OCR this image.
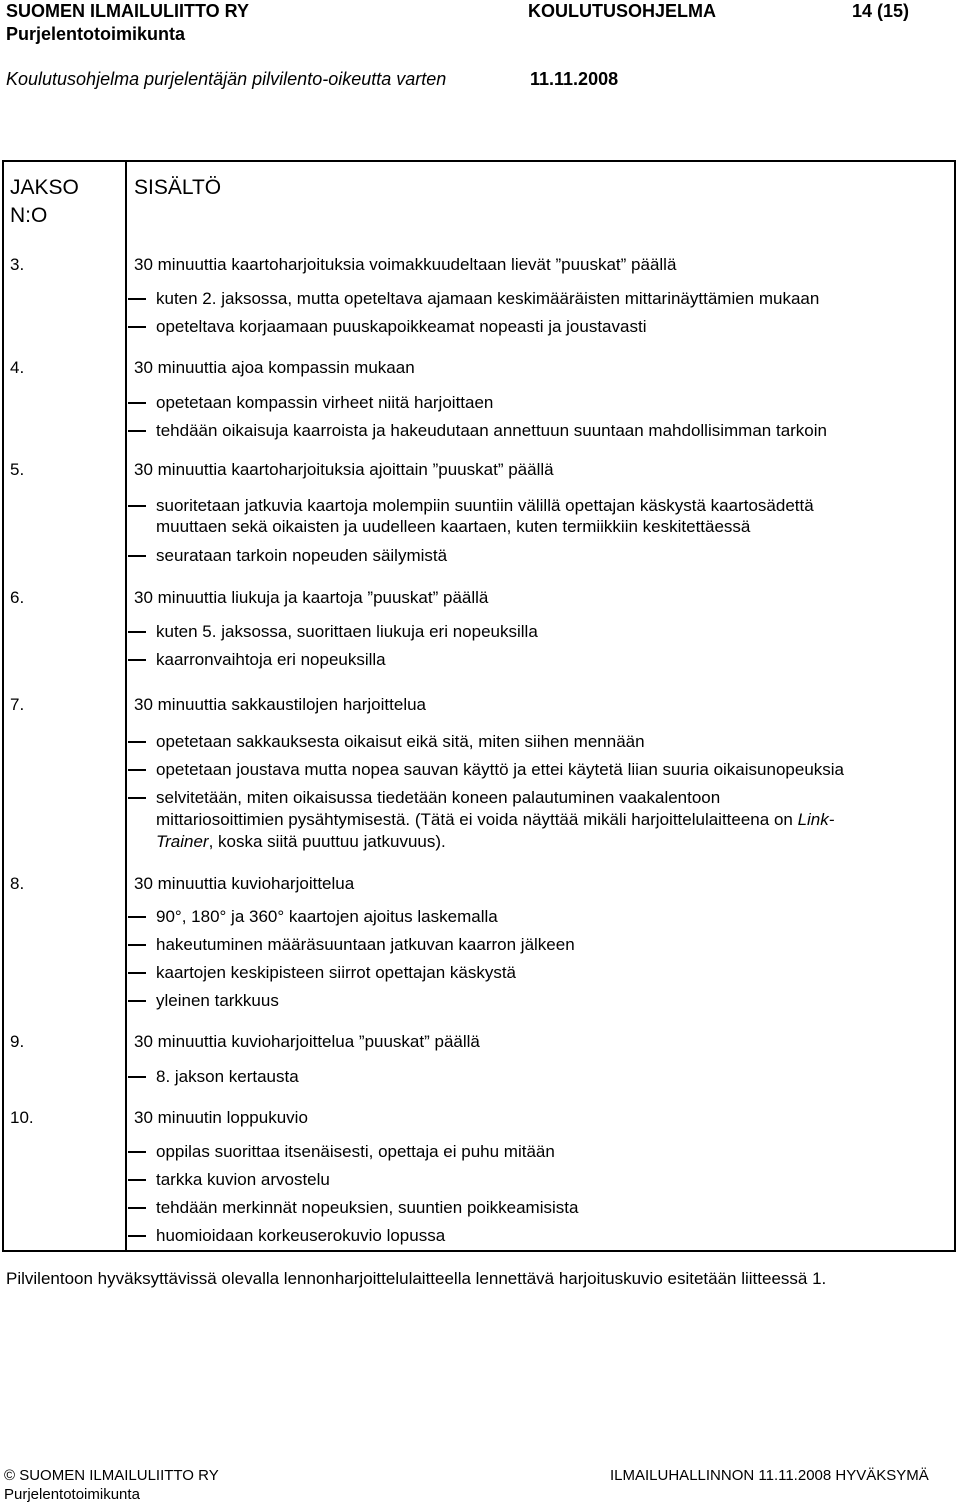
SUOMEN ILMAILULIITTO RY	KOULUTUSOHJELMA	14 (15)
Purjelentotoimikunta
Koulutusohjelma purjelentäjän pilvilento-oikeutta varten	11.11.2008
JAKSO
N:O
SISÄLTÖ
3.	30 minuuttia kaartoharjoituksia voimakkuudeltaan lievät ”puuskat” päällä
kuten 2. jaksossa, mutta opeteltava ajamaan keskimääräisten mittarinäyttämien mukaan
opeteltava korjaamaan puuskapoikkeamat nopeasti ja joustavasti
4.	30 minuuttia ajoa kompassin mukaan
opetetaan kompassin virheet niitä harjoittaen
tehdään oikaisuja kaarroista ja hakeudutaan annettuun suuntaan mahdollisimman tarkoin
5.	30 minuuttia kaartoharjoituksia ajoittain ”puuskat” päällä
suoritetaan jatkuvia kaartoja molempiin suuntiin välillä opettajan käskystä kaartosädettä
muuttaen sekä oikaisten ja uudelleen kaartaen, kuten termiikkiin keskitettäessä
seurataan tarkoin nopeuden säilymistä
6.	30 minuuttia liukuja ja kaartoja ”puuskat” päällä
kuten 5. jaksossa, suorittaen liukuja eri nopeuksilla
kaarronvaihtoja eri nopeuksilla
7.	30 minuuttia sakkaustilojen harjoittelua
opetetaan sakkauksesta oikaisut eikä sitä, miten siihen mennään
opetetaan joustava mutta nopea sauvan käyttö ja ettei käytetä liian suuria oikaisunopeuksia
selvitetään, miten oikaisussa tiedetään koneen palautuminen vaakalentoon
mittariosoittimien pysähtymisestä. (Tätä ei voida näyttää mikäli harjoittelulaitteena on Link-
Trainer, koska siitä puuttuu jatkuvuus).
8.	30 minuuttia kuvioharjoittelua
90°, 180° ja 360° kaartojen ajoitus laskemalla
hakeutuminen määräsuuntaan jatkuvan kaarron jälkeen
kaartojen keskipisteen siirrot opettajan käskystä
yleinen tarkkuus
9.	30 minuuttia kuvioharjoittelua ”puuskat” päällä
8. jakson kertausta
10.	30 minuutin loppukuvio
oppilas suorittaa itsenäisesti, opettaja ei puhu mitään
tarkka kuvion arvostelu
tehdään merkinnät nopeuksien, suuntien poikkeamisista
huomioidaan korkeuserokuvio lopussa
Pilvilentoon hyväksyttävissä olevalla lennonharjoittelulaitteella lennettävä harjoituskuvio esitetään liitteessä 1.
© SUOMEN ILMAILULIITTO RY
Purjelentotoimikunta
ILMAILUHALLINNON 11.11.2008 HYVÄKSYMÄ
